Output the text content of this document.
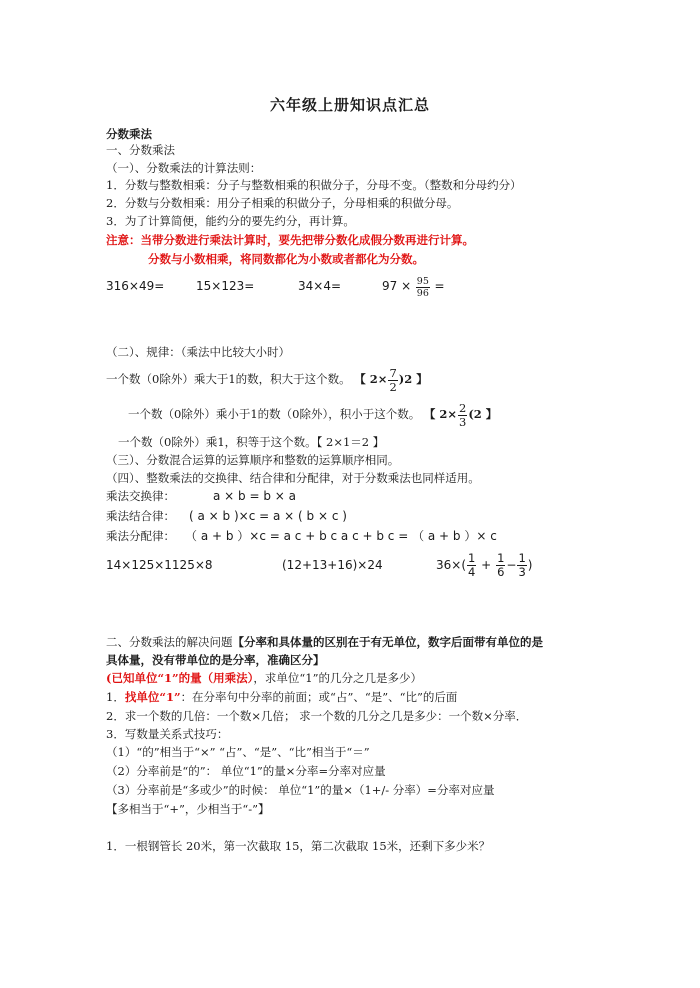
六年级上册知识点汇总
分数乘法
一、分数乘法
（一）、分数乘法的计算法则：
1．分数与整数相乘：分子与整数相乘的积做分子，分母不变。（整数和分母约分）
2．分数与分数相乘：用分子相乘的积做分子，分母相乘的积做分母。
3．为了计算简便，能约分的要先约分，再计算。
注意：当带分数进行乘法计算时，要先把带分数化成假分数再进行计算。
分数与小数相乘，将同数都化为小数或者都化为分数。
316×49=	15×123=	34×4=	$97 \times \frac{95}{96}$ =
（二）、规律：（乘法中比较大小时）
一个数（0除外）乘大于1的数，积大于这个数。 【 $2\times \frac{7}{2} )2$ 】
一个数（0除外）乘小于1的数（0除外），积小于这个数。 【 $2\times \frac{2}{3} (2$ 】
一个数（0除外）乘1，积等于这个数。【 2×1＝2 】
（三）、分数混合运算的运算顺序和整数的运算顺序相同。
（四）、整数乘法的交换律、结合律和分配律，对于分数乘法也同样适用。
乘法交换律：	a × b = b × a
乘法结合律： ( a × b )×c = a × ( b × c )
乘法分配律： （ a + b ）×c = a c + b c a c + b c = （ a + b ）× c
14×125×1125×8	(12+13+16)×24	$36\times( \frac{1}{4} + \frac{1}{6} - \frac{1}{3}$ )
二、分数乘法的解决问题【分率和具体量的区别在于有无单位，数字后面带有单位的是
具体量，没有带单位的是分率，准确区分】
(已知单位“1”的量（用乘法），求单位“1”的几分之几是多少）
1．找单位“1”：在分率句中分率的前面；或“占”、“是”、“比”的后面
2．求一个数的几倍：一个数×几倍； 求一个数的几分之几是多少：一个数×分率．
3．写数量关系式技巧：
（1）“的”相当于“×” “占”、“是”、“比”相当于“＝”
（2）分率前是“的”： 单位“1”的量×分率=分率对应量
（3）分率前是“多或少”的时候： 单位“1”的量×（1+/- 分率）=分率对应量
【多相当于“+”，少相当于“-”】
1．一根钢管长 20米，第一次截取 15，第二次截取 15米，还剩下多少米？
